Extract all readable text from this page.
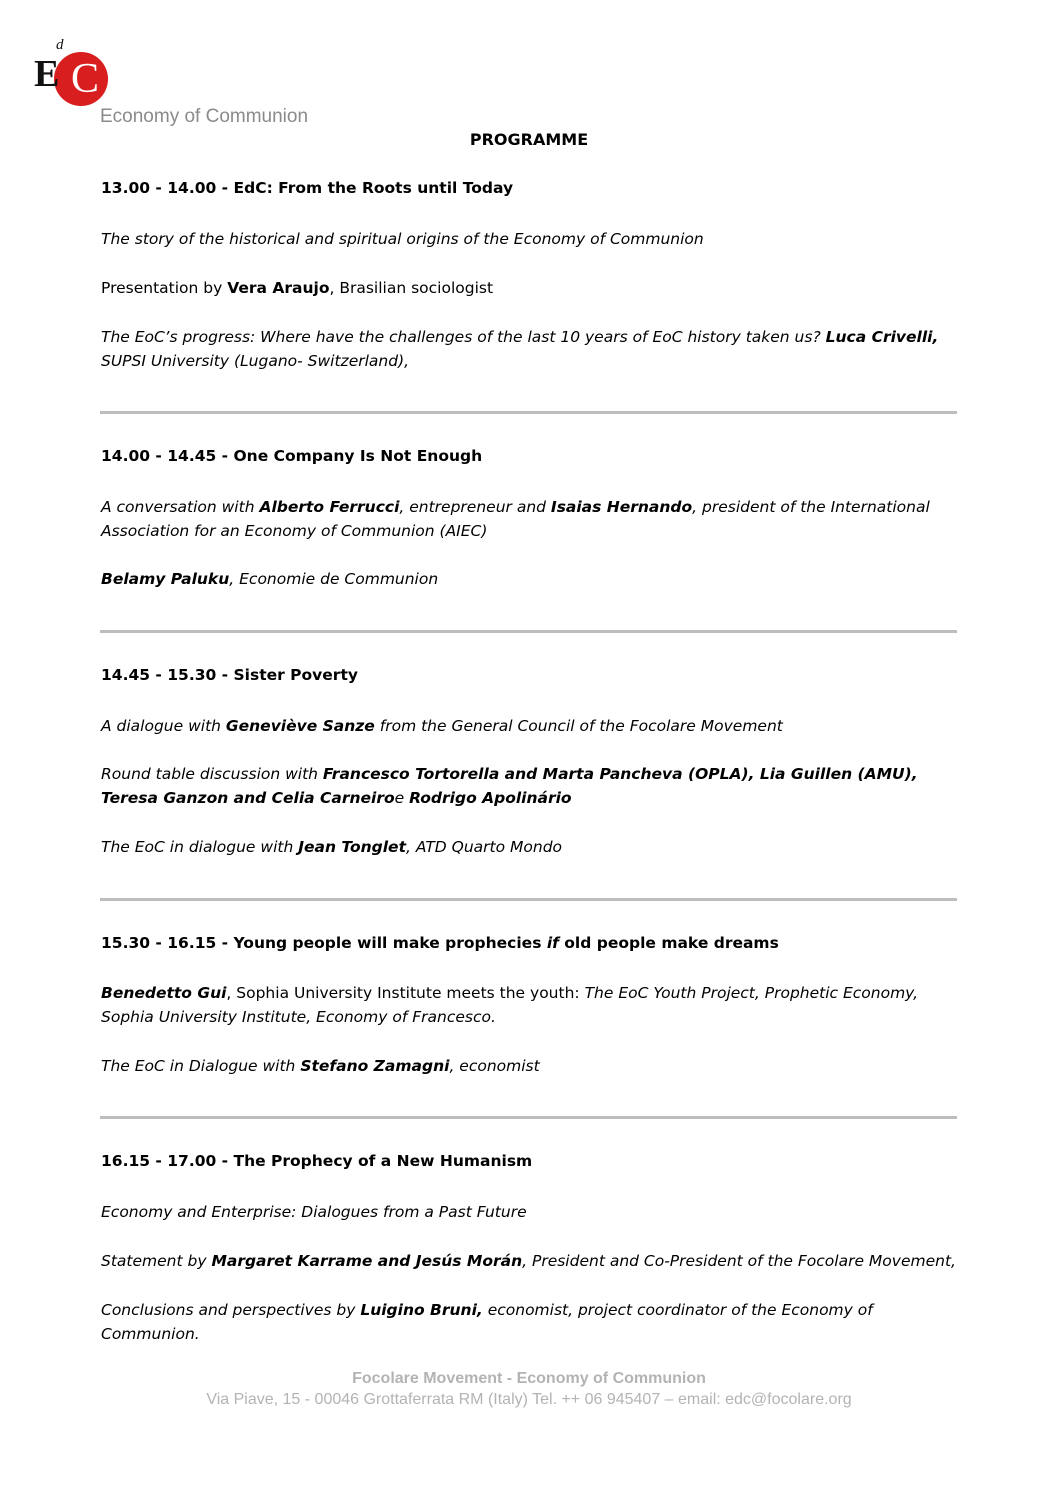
C
E
d
Economy of Communion
PROGRAMME
13.00 - 14.00 - EdC: From the Roots until Today
The story of the historical and spiritual origins of the Economy of Communion
Presentation by Vera Araujo, Brasilian sociologist
The EoC’s progress: Where have the challenges of the last 10 years of EoC history taken us? Luca Crivelli, SUPSI University (Lugano- Switzerland),
14.00 - 14.45 - One Company Is Not Enough
A conversation with Alberto Ferrucci, entrepreneur and Isaias Hernando, president of the International Association for an Economy of Communion (AIEC)
Belamy Paluku, Economie de Communion
14.45 - 15.30 - Sister Poverty
A dialogue with Geneviève Sanze from the General Council of the Focolare Movement
Round table discussion with Francesco Tortorella and Marta Pancheva (OPLA), Lia Guillen (AMU), Teresa Ganzon and Celia Carneiroe Rodrigo Apolinário
The EoC in dialogue with Jean Tonglet, ATD Quarto Mondo
15.30 - 16.15 - Young people will make prophecies if old people make dreams
Benedetto Gui, Sophia University Institute meets the youth: The EoC Youth Project, Prophetic Economy, Sophia University Institute, Economy of Francesco.
The EoC in Dialogue with Stefano Zamagni, economist
16.15 - 17.00 - The Prophecy of a New Humanism
Economy and Enterprise: Dialogues from a Past Future
Statement by Margaret Karrame and Jesús Morán, President and Co-President of the Focolare Movement,
Conclusions and perspectives by Luigino Bruni, economist, project coordinator of the Economy of Communion.
Focolare Movement - Economy of Communion
Via Piave, 15 - 00046 Grottaferrata RM (Italy) Tel. ++ 06 945407 – email: edc@focolare.org
